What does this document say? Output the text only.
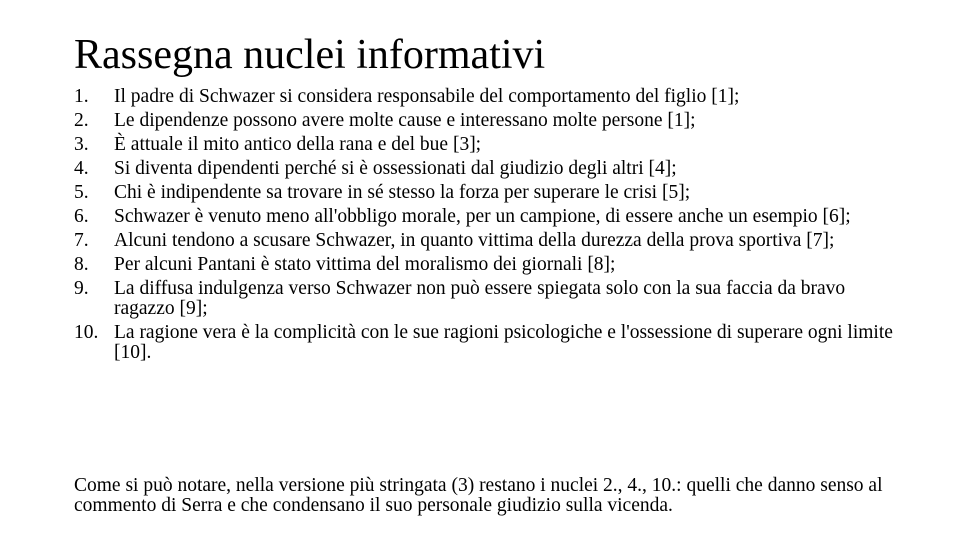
Rassegna nuclei informativi
1.	Il padre di Schwazer si considera responsabile del comportamento del figlio [1];
2.	Le dipendenze possono avere molte cause e interessano molte persone [1];
3.	È attuale il mito antico della rana e del bue [3];
4.	Si diventa dipendenti perché si è ossessionati dal giudizio degli altri [4];
5.	Chi è indipendente sa trovare in sé stesso la forza per superare le crisi [5];
6.	Schwazer è venuto meno all'obbligo morale, per un campione, di essere anche un esempio [6];
7.	Alcuni tendono a scusare Schwazer, in quanto vittima della durezza della prova sportiva [7];
8.	Per alcuni Pantani è stato vittima del moralismo dei giornali [8];
9.	La diffusa indulgenza verso Schwazer non può essere spiegata solo con la sua faccia da bravo ragazzo [9];
10. La ragione vera è la complicità con le sue ragioni psicologiche e l'ossessione di superare ogni limite [10].

Come si può notare, nella versione più stringata (3) restano i nuclei 2., 4., 10.: quelli che danno senso al commento di Serra e che condensano il suo personale giudizio sulla vicenda.
